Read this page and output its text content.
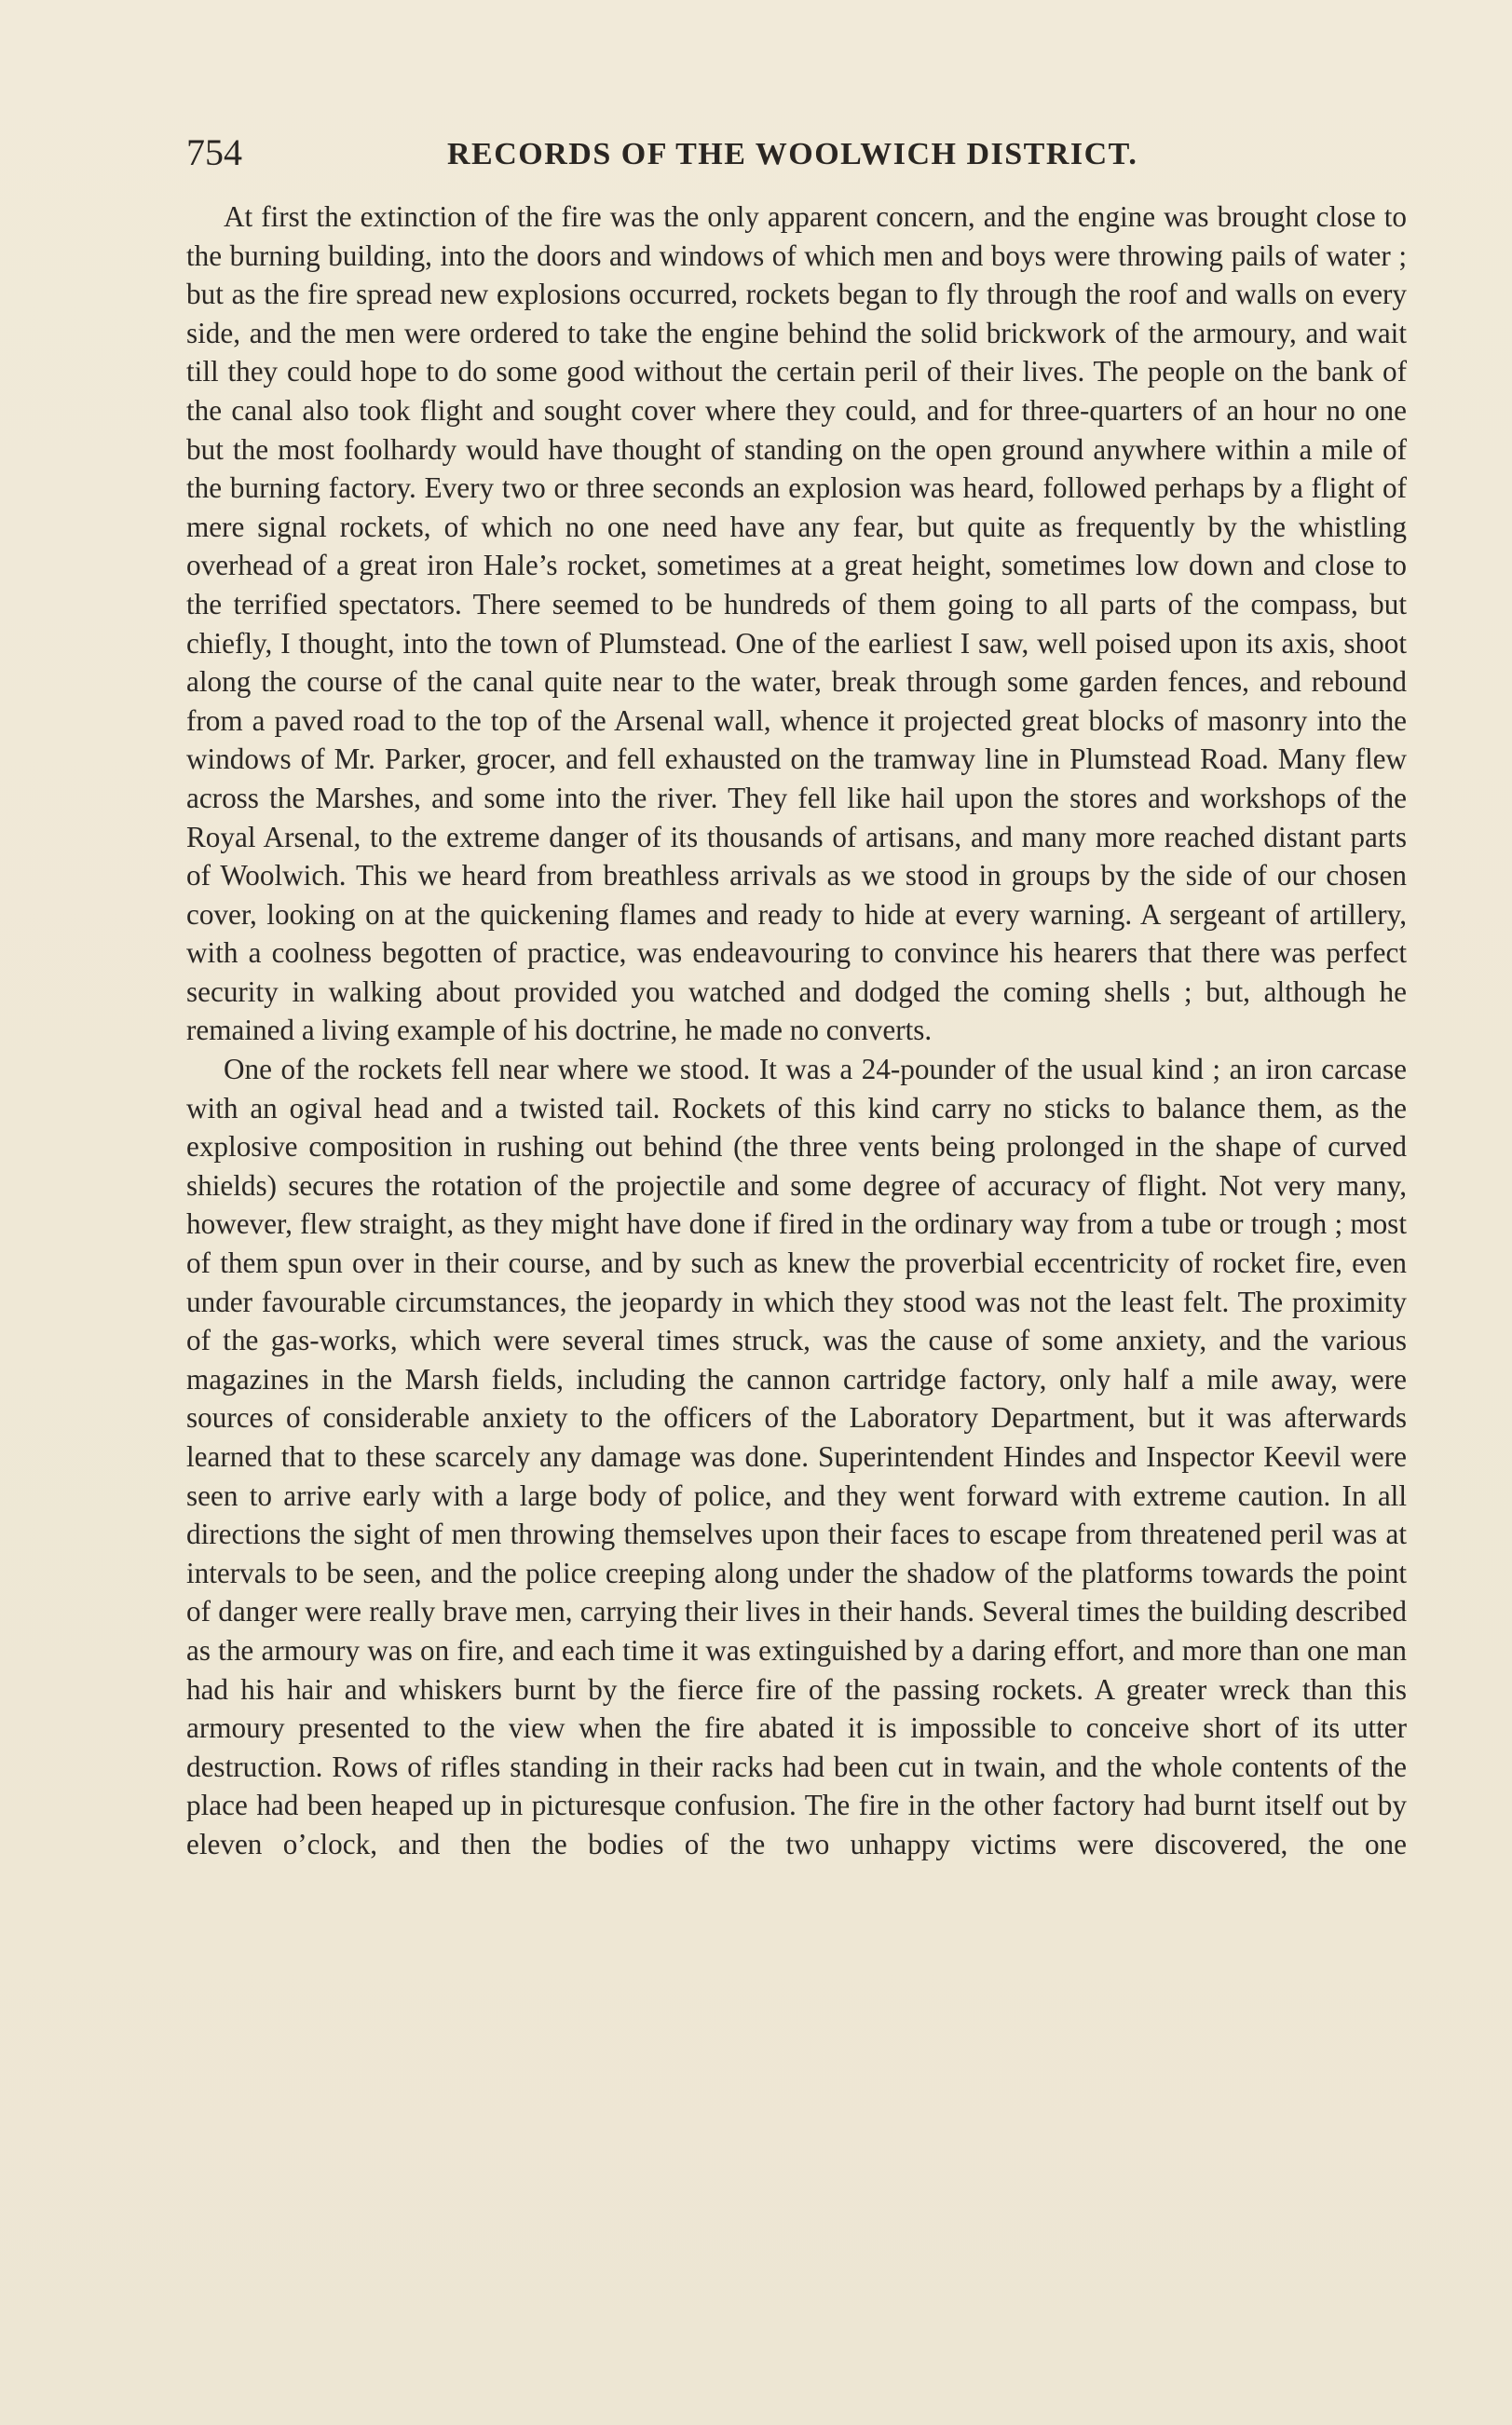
754	RECORDS OF THE WOOLWICH DISTRICT.

At first the extinction of the fire was the only apparent concern, and the engine was brought close to the burning building, into the doors and windows of which men and boys were throwing pails of water ; but as the fire spread new explosions occurred, rockets began to fly through the roof and walls on every side, and the men were ordered to take the engine behind the solid brickwork of the armoury, and wait till they could hope to do some good without the certain peril of their lives. The people on the bank of the canal also took flight and sought cover where they could, and for three-quarters of an hour no one but the most foolhardy would have thought of standing on the open ground anywhere within a mile of the burning factory. Every two or three seconds an explosion was heard, followed perhaps by a flight of mere signal rockets, of which no one need have any fear, but quite as frequently by the whistling overhead of a great iron Hale’s rocket, sometimes at a great height, sometimes low down and close to the terrified spectators. There seemed to be hundreds of them going to all parts of the compass, but chiefly, I thought, into the town of Plumstead. One of the earliest I saw, well poised upon its axis, shoot along the course of the canal quite near to the water, break through some garden fences, and rebound from a paved road to the top of the Arsenal wall, whence it projected great blocks of masonry into the windows of Mr. Parker, grocer, and fell exhausted on the tramway line in Plumstead Road. Many flew across the Marshes, and some into the river. They fell like hail upon the stores and workshops of the Royal Arsenal, to the extreme danger of its thousands of artisans, and many more reached distant parts of Woolwich. This we heard from breathless arrivals as we stood in groups by the side of our chosen cover, looking on at the quickening flames and ready to hide at every warning. A sergeant of artillery, with a coolness begotten of practice, was endeavouring to convince his hearers that there was perfect security in walking about provided you watched and dodged the coming shells ; but, although he remained a living example of his doctrine, he made no converts.

One of the rockets fell near where we stood. It was a 24-pounder of the usual kind ; an iron carcase with an ogival head and a twisted tail. Rockets of this kind carry no sticks to balance them, as the explosive composition in rushing out behind (the three vents being prolonged in the shape of curved shields) secures the rotation of the projectile and some degree of accuracy of flight. Not very many, however, flew straight, as they might have done if fired in the ordinary way from a tube or trough ; most of them spun over in their course, and by such as knew the proverbial eccentricity of rocket fire, even under favourable circumstances, the jeopardy in which they stood was not the least felt. The proximity of the gas-works, which were several times struck, was the cause of some anxiety, and the various magazines in the Marsh fields, including the cannon cartridge factory, only half a mile away, were sources of considerable anxiety to the officers of the Laboratory Department, but it was afterwards learned that to these scarcely any damage was done. Superintendent Hindes and Inspector Keevil were seen to arrive early with a large body of police, and they went forward with extreme caution. In all directions the sight of men throwing themselves upon their faces to escape from threatened peril was at intervals to be seen, and the police creeping along under the shadow of the platforms towards the point of danger were really brave men, carrying their lives in their hands. Several times the building described as the armoury was on fire, and each time it was extinguished by a daring effort, and more than one man had his hair and whiskers burnt by the fierce fire of the passing rockets. A greater wreck than this armoury presented to the view when the fire abated it is impossible to conceive short of its utter destruction. Rows of rifles standing in their racks had been cut in twain, and the whole contents of the place had been heaped up in picturesque confusion. The fire in the other factory had burnt itself out by eleven o’clock, and then the bodies of the two unhappy victims were discovered, the one
